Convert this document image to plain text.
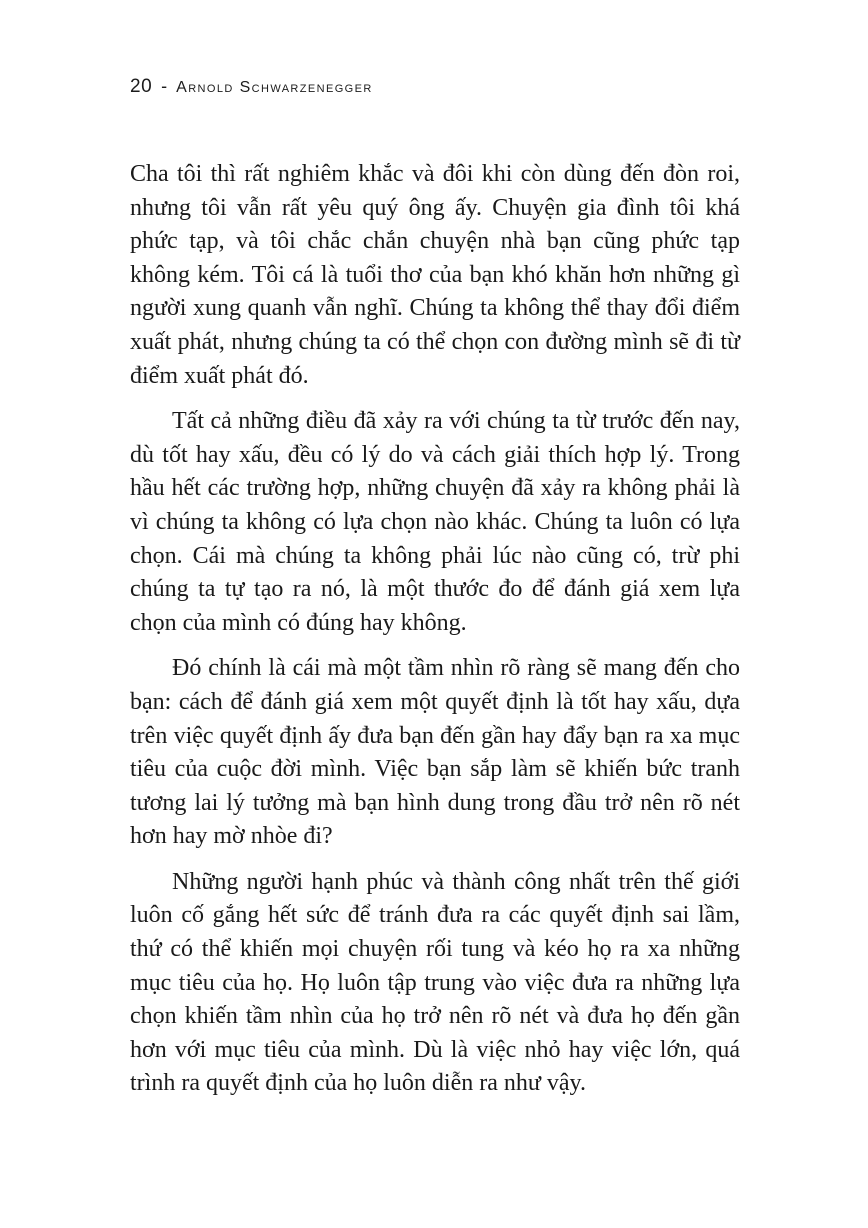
20 - Arnold Schwarzenegger

Cha tôi thì rất nghiêm khắc và đôi khi còn dùng đến đòn roi, nhưng tôi vẫn rất yêu quý ông ấy. Chuyện gia đình tôi khá phức tạp, và tôi chắc chắn chuyện nhà bạn cũng phức tạp không kém. Tôi cá là tuổi thơ của bạn khó khăn hơn những gì người xung quanh vẫn nghĩ. Chúng ta không thể thay đổi điểm xuất phát, nhưng chúng ta có thể chọn con đường mình sẽ đi từ điểm xuất phát đó.

Tất cả những điều đã xảy ra với chúng ta từ trước đến nay, dù tốt hay xấu, đều có lý do và cách giải thích hợp lý. Trong hầu hết các trường hợp, những chuyện đã xảy ra không phải là vì chúng ta không có lựa chọn nào khác. Chúng ta luôn có lựa chọn. Cái mà chúng ta không phải lúc nào cũng có, trừ phi chúng ta tự tạo ra nó, là một thước đo để đánh giá xem lựa chọn của mình có đúng hay không.

Đó chính là cái mà một tầm nhìn rõ ràng sẽ mang đến cho bạn: cách để đánh giá xem một quyết định là tốt hay xấu, dựa trên việc quyết định ấy đưa bạn đến gần hay đẩy bạn ra xa mục tiêu của cuộc đời mình. Việc bạn sắp làm sẽ khiến bức tranh tương lai lý tưởng mà bạn hình dung trong đầu trở nên rõ nét hơn hay mờ nhòe đi?

Những người hạnh phúc và thành công nhất trên thế giới luôn cố gắng hết sức để tránh đưa ra các quyết định sai lầm, thứ có thể khiến mọi chuyện rối tung và kéo họ ra xa những mục tiêu của họ. Họ luôn tập trung vào việc đưa ra những lựa chọn khiến tầm nhìn của họ trở nên rõ nét và đưa họ đến gần hơn với mục tiêu của mình. Dù là việc nhỏ hay việc lớn, quá trình ra quyết định của họ luôn diễn ra như vậy.
